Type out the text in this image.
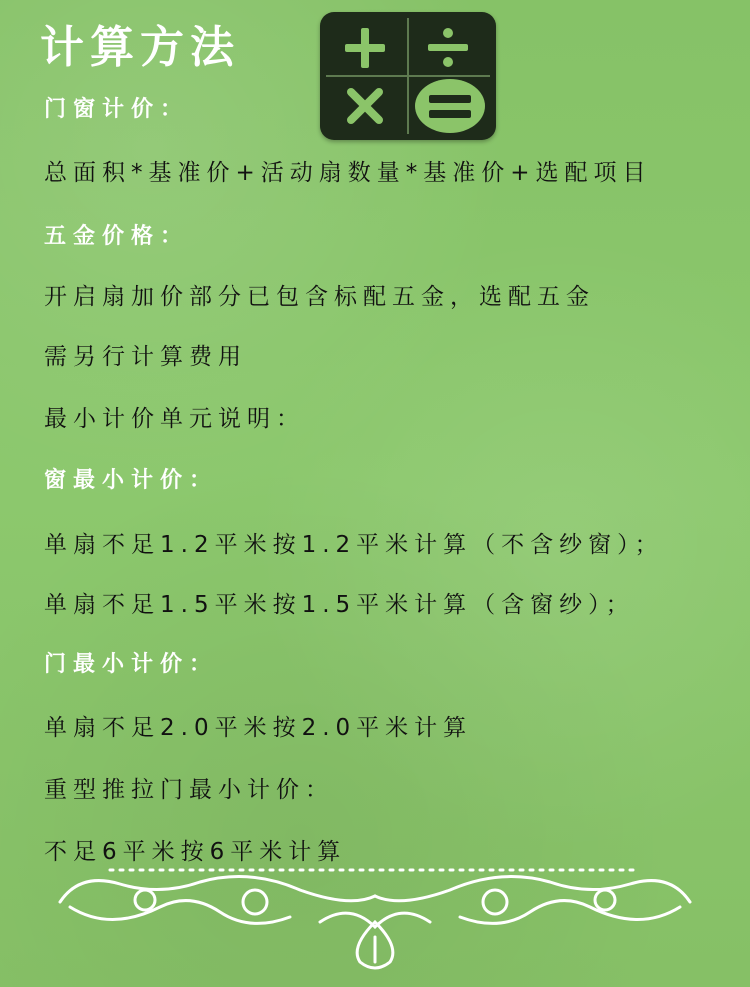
计算方法
门窗计价：
总面积*基准价+活动扇数量*基准价+选配项目
五金价格：
开启扇加价部分已包含标配五金，选配五金
需另行计算费用
最小计价单元说明：
窗最小计价：
单扇不足1.2平米按1.2平米计算（不含纱窗）；
单扇不足1.5平米按1.5平米计算（含窗纱）；
门最小计价：
单扇不足2.0平米按2.0平米计算
重型推拉门最小计价：
不足6平米按6平米计算
